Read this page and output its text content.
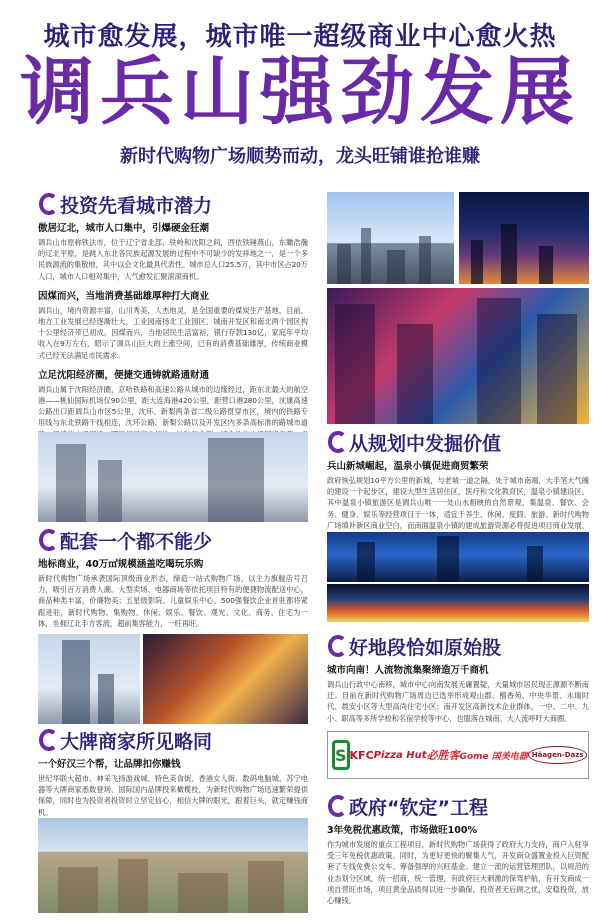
城市愈发展，城市唯一超级商业中心愈火热
调兵山强劲发展
新时代购物广场顺势而动，龙头旺铺谁抢谁赚
投资先看城市潜力
傲居辽北，城市人口集中，引爆硬金狂潮
调兵山市原称铁法市，位于辽宁省北部，铁岭和沈阳之间，西依铁锤燕山，东瞰浩瀚的辽北平原，是跳入东北各民族起源发展的过程中不可缺少的发祥地之一，是一个多民族源流的集散地，其中以会文化最具代表性。城市总人口25.5万，其中市区占20万人口，城市人口相对集中，人气愈发汇聚滚滚商机。
因煤而兴，当地消费基础雄厚种打大商业
调兵山，境内资源丰富，山川秀美，人杰地灵，是全国重要的煤炭生产基地，目前，地方工业发展已经逐渐壮大，工业园南扬北工业园区，城南开发区和南北两个园区构十公里经济带已初成。因煤而兴，当地居民生活富裕，银行存款130亿，家庭年平均收入在9万左右，昭示了调兵山巨大的上涨空间，已有的消费基础雄厚，传统商业模式已经无法满足市民需求。
立足沈阳经济圈，便捷交通铸就路通财通
调兵山属于沈阳经济圈，京哈铁路和高速公路从城市的边缘经过，距东北最大的航空港——桃仙国际机场仅90公里，距大连海港420公里，距营口港280公里，沈康高速公路出口距调兵山市区5公里，沈环、新梨两条省二级公路贯穿市区，境内的铁路专用线与东北铁路干线相连，沈环公路、新梨公路以及开发区内多条高标准的路城市道
从规划中发掘价值
兵山新城崛起，温泉小镇促进商贸繁荣
政府恢弘规划10平方公里的新城，与老城一道之隔，处于城市南端，大手笔大气魄的建设一个起步区，建设大型生活居住区，医疗和文化教育区，温泉小镇建设区，其中温泉小镇旅游区是调兵山唯一一处山水相映的自然景观，集温泉、餐饮、会务、健身、娱乐等经营项目于一体，适宜于养生、休闲、度假、旅游。新时代购物广场填补新区商业空白，而南面温泉小镇的建成旅游资源必将促进项目商业发展，
配套一个都不能少
地标商业，40万㎡规模涵盖吃喝玩乐购
新时代购物广场承袭国际顶级商业形态，缔造一站式购物广场，以主力旗舰店号召力，吸引百万消费人潮。大型卖场、电器商场等依托项目特有的便捷物流配送中心，商品种类丰富，价廉物美；五星级影院、儿童娱乐中心，500强餐饮企业首驻都将紧跟进驻，新时代购物、集购物、休闲、娱乐、餐饮、观光、文化、商务、住宅为一体，坐拥辽北手方客流，超前集客能力，一旺再旺。
好地段恰如原始股
城市向南！人流物流集聚缔造万千商机
调兵山行政中心南移，城市中心向南发展无庸置疑，大量城市居民现正源源不断南迁。目前在新时代购物广场周边已选举形成观山郡、榴香苑、中央华景、永瑞时代、晨安小区等大型高尚住宅小区；南开发区高新技术企业群体，一中、二中、九小、职高等多所学校和名宿学校等中心，也服落在城南。大人流呼吁大商圈。
大牌商家所见略同
一个好汉三个帮，让品牌扣你赚钱
世纪华联大超市、神采飞扬游戏城、特色美食街、香港女人街、数码电脑城、苏宁电器等大牌商家悉数登场，国际国内品牌投来橄榄枝，为新时代购物广场迅速繁荣提供保障，同时也为投资者投资时立坚定信心，相信大牌的眼光，跟着巨头，就定赚钱商机。
S KFC Pizza Hut 必胜客 Gome 国美电器 Häagen-Dazs
政府“钦定”工程
3年免税优惠政策，市场做旺100%
作为城市发展的重点工程项目，新时代购物广场获得了政府大力支持，商户入驻享受三年免税优惠政策。同时，为更好更快的聚集人气，开发商众盛置业投入巨资配套了专线免费公交车、筹备强厚的兴旺基金。建立一流的运营管理团队，以规范的业态划分区域，统一招商，统一管理，有政府巨大刺激的保驾护航，有开发商成一项自营旺市场，项目黄金品质得以进一步确保，投资者无后顾之忧，安稳投资，放心赚钱。
